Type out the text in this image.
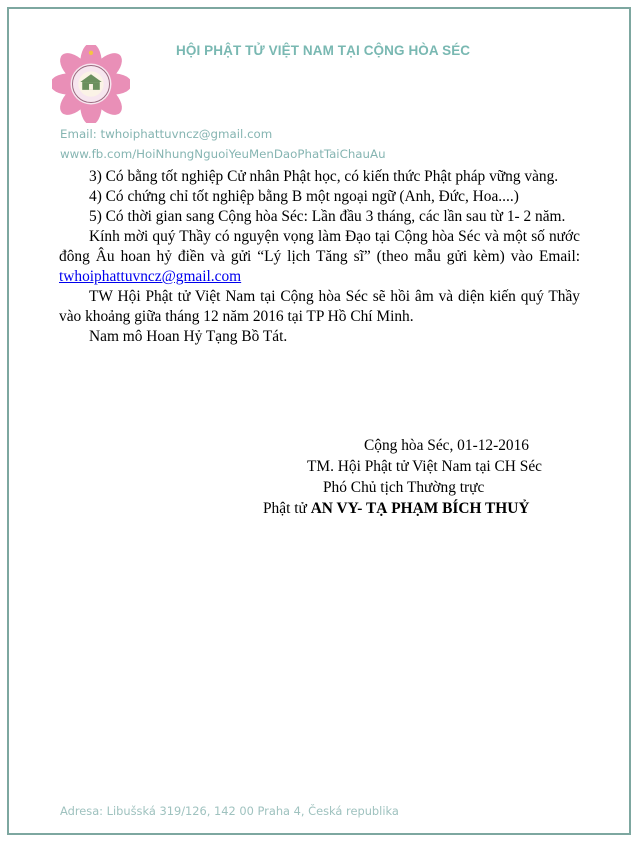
HỘI PHẬT TỬ VIỆT NAM TẠI CỘNG HÒA SÉC
Email: twhoiphattuvncz@gmail.com
www.fb.com/HoiNhungNguoiYeuMenDaoPhatTaiChauAu

3) Có bằng tốt nghiệp Cử nhân Phật học, có kiến thức Phật pháp vững vàng.

4) Có chứng chỉ tốt nghiệp bằng B một ngoại ngữ (Anh, Đức, Hoa....)

5) Có thời gian sang Cộng hòa Séc: Lần đầu 3 tháng, các lần sau từ 1- 2 năm.

Kính mời quý Thầy có nguyện vọng làm Đạo tại Cộng hòa Séc và một số nước đông Âu hoan hỷ điền và gửi “Lý lịch Tăng sĩ” (theo mẫu gửi kèm) vào Email: twhoiphattuvncz@gmail.com

TW Hội Phật tử Việt Nam tại Cộng hòa Séc sẽ hồi âm và diện kiến quý Thầy vào khoảng giữa tháng 12 năm 2016 tại TP Hồ Chí Minh.

Nam mô Hoan Hỷ Tạng Bồ Tát.

Cộng hòa Séc, 01-12-2016
TM. Hội Phật tử Việt Nam tại CH Séc
Phó Chủ tịch Thường trực
Phật tử AN VY- TẠ PHẠM BÍCH THUỶ
Adresa: Libušská 319/126, 142 00 Praha 4, Česká republika
